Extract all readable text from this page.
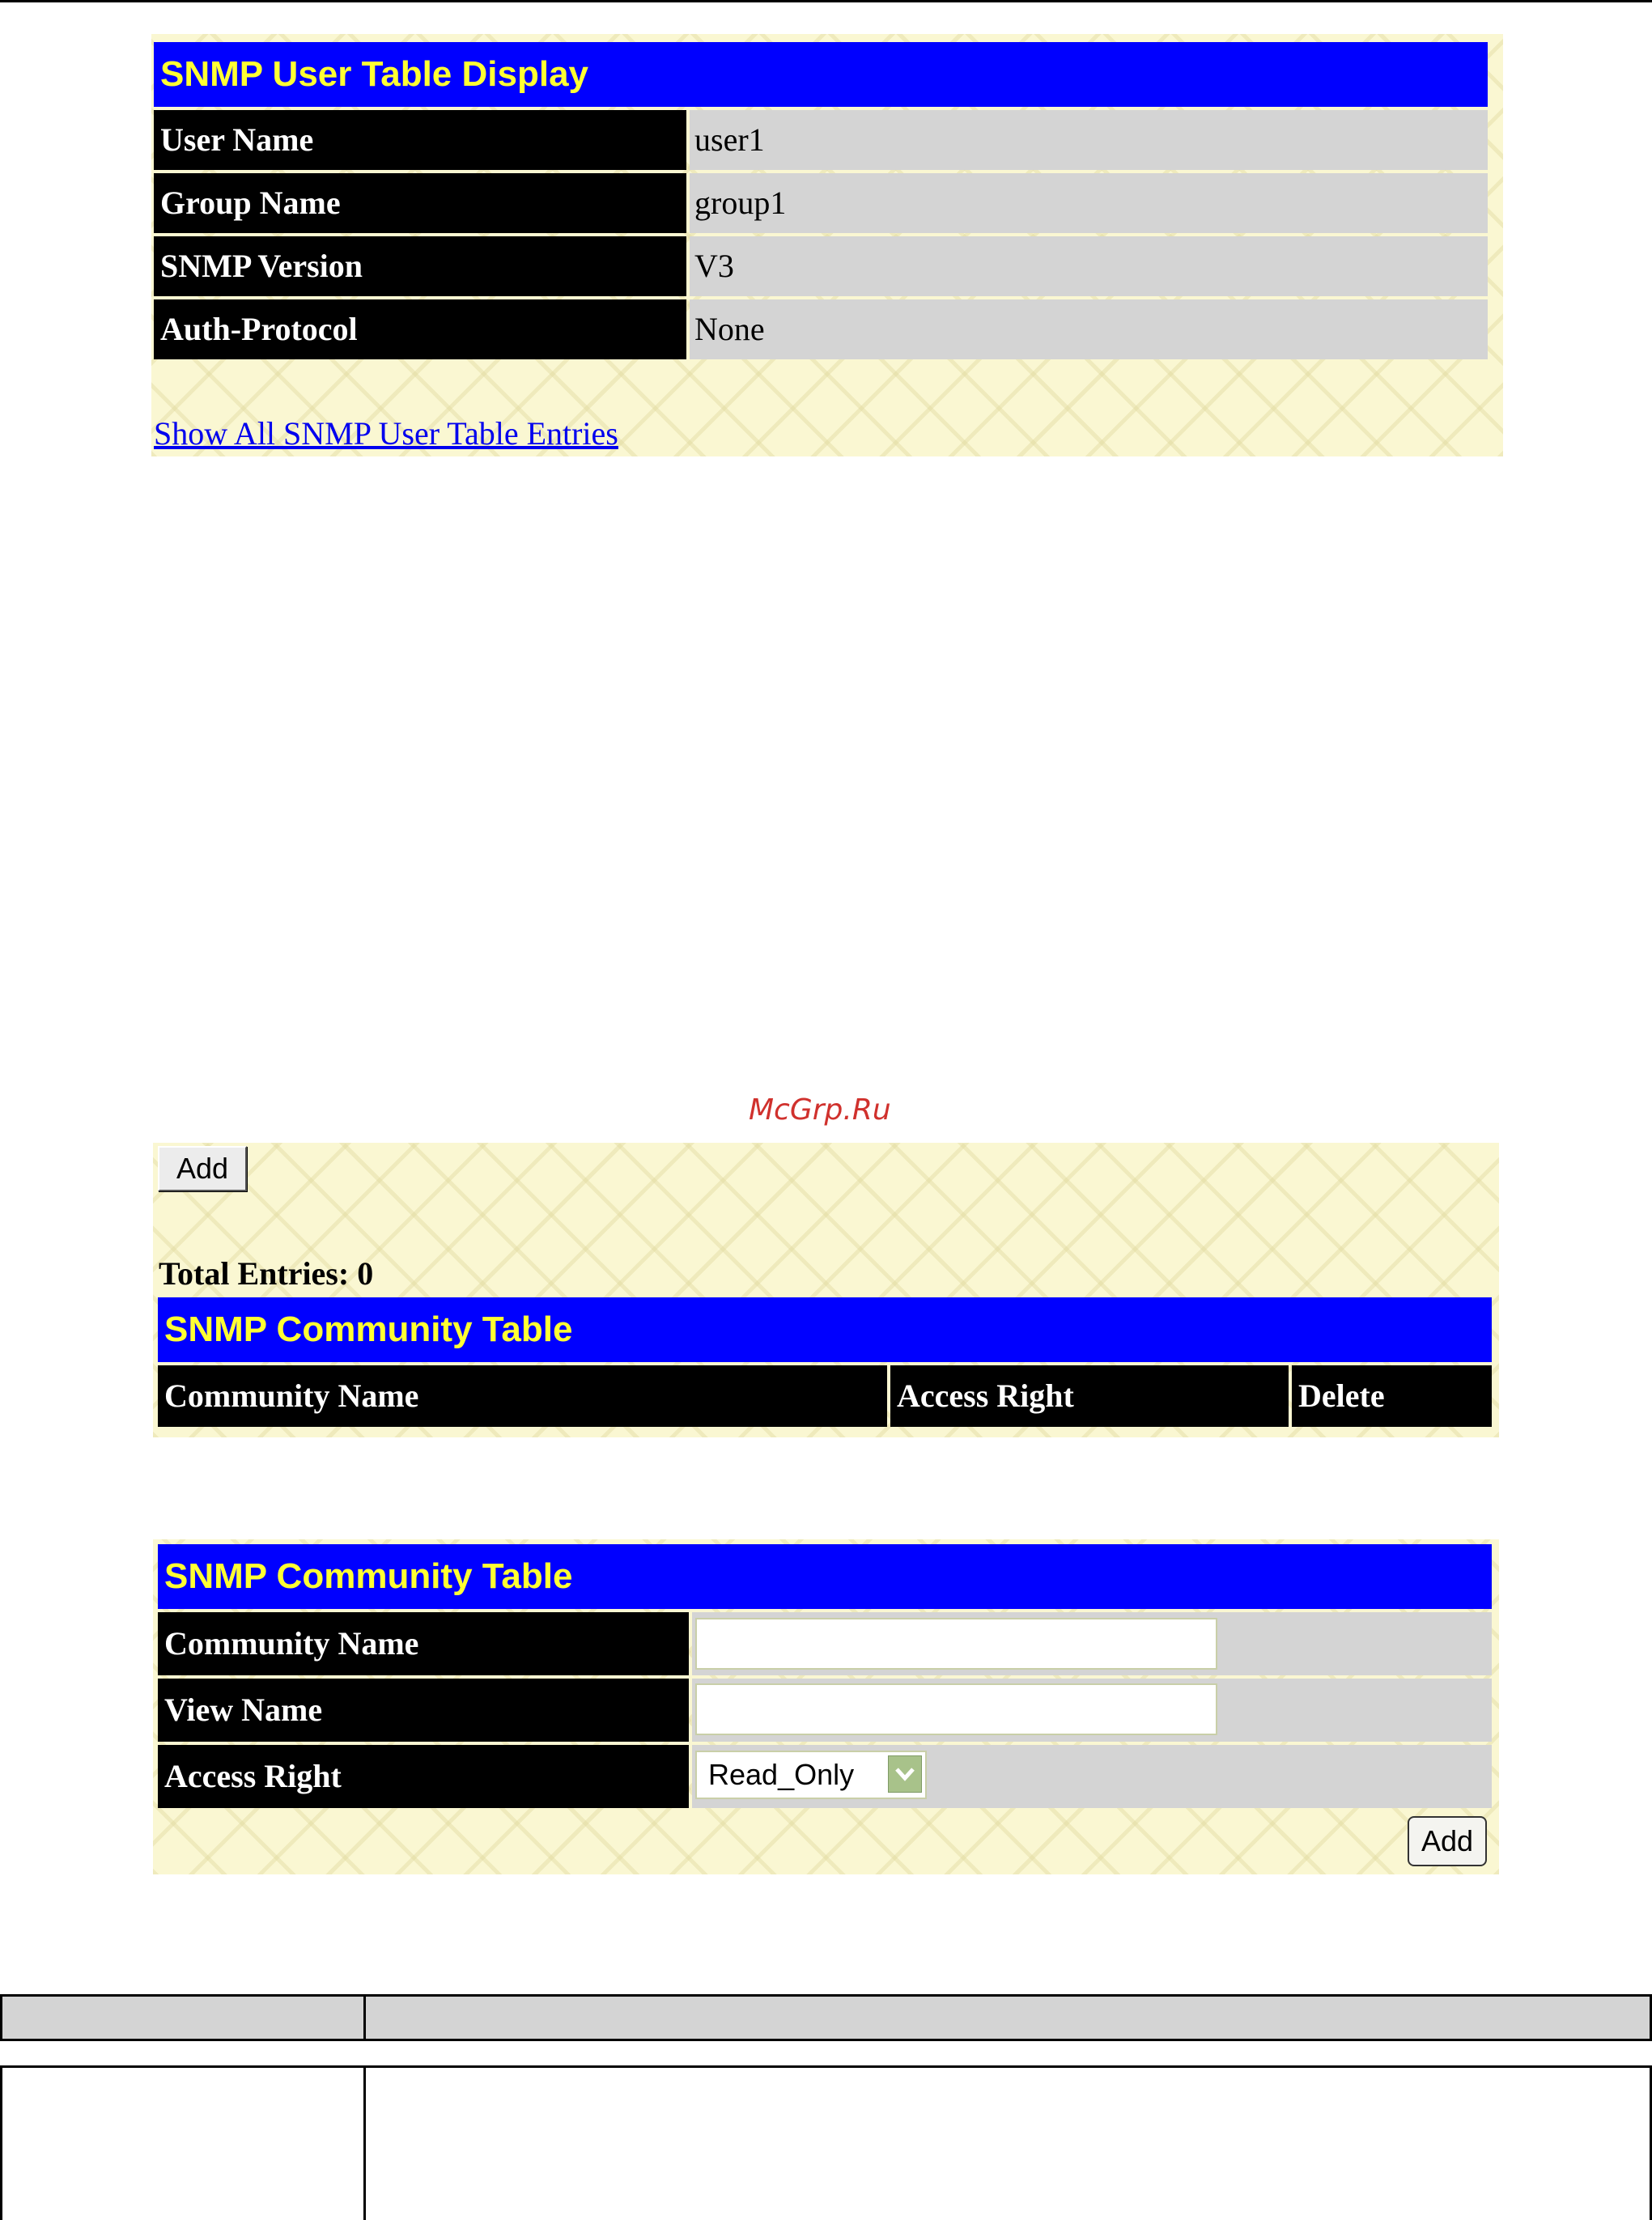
SNMP User Table Display
User Name	user1
Group Name	group1
SNMP Version	V3
Auth-Protocol	None
Show All SNMP User Table Entries
McGrp.Ru
Add
Total Entries: 0
SNMP Community Table
Community Name	Access Right	Delete
SNMP Community Table
Community Name
View Name
Access Right	Read_Only
Add
